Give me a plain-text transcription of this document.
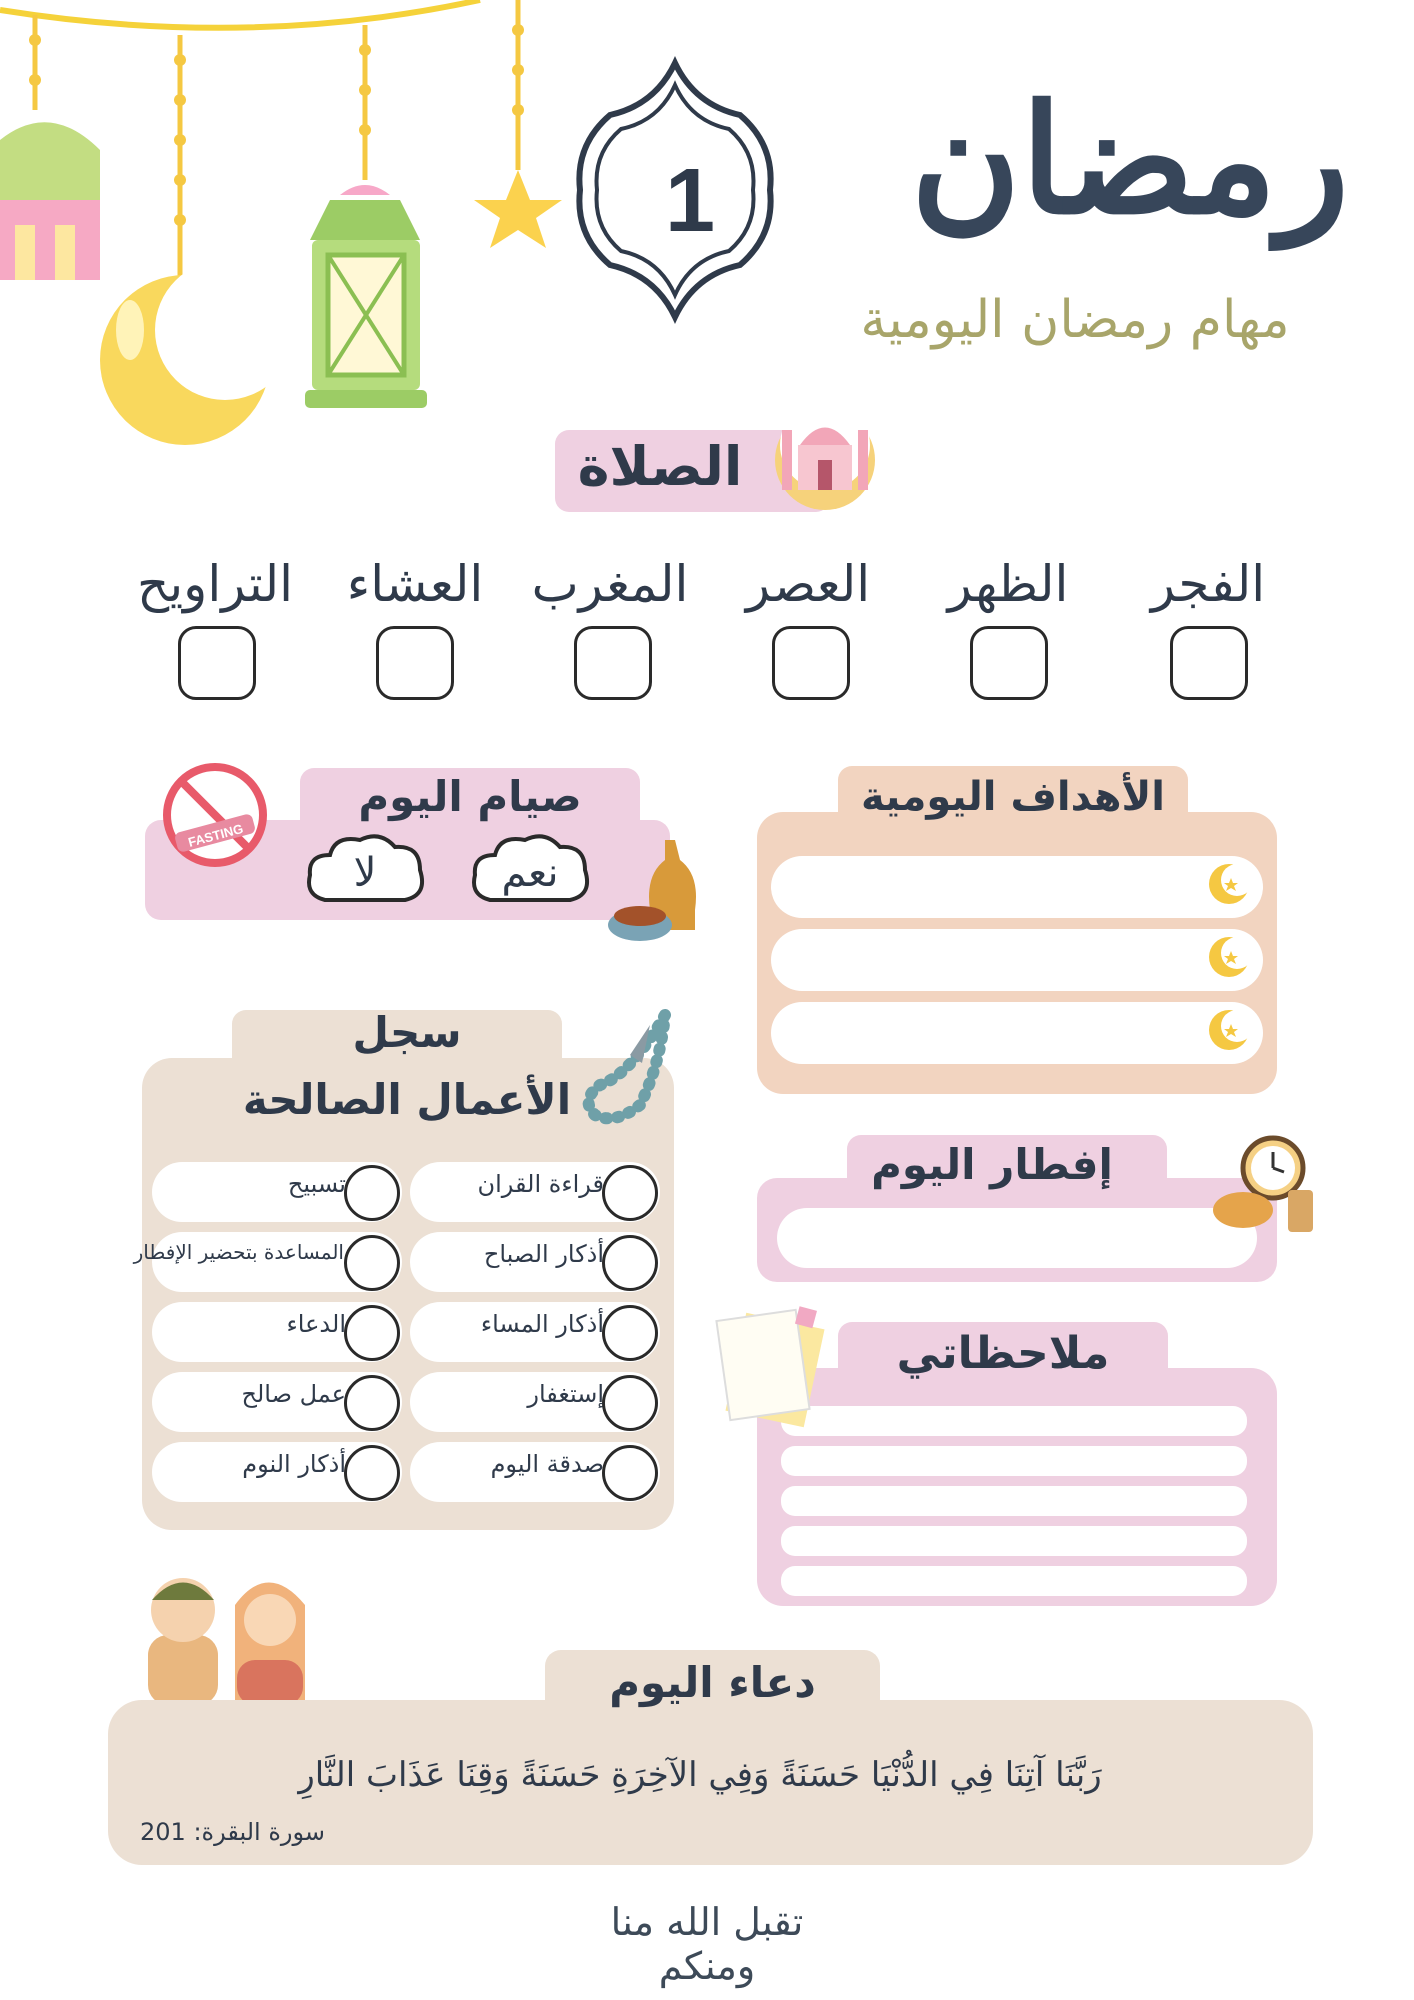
1 رمضان
مهام رمضان اليومية
الصلاة
الفجر
الظهر
العصر
المغرب
العشاء
التراويح
صيام اليوم
FASTING
لا	نعم
الأهداف اليومية
قراءة القران
أذكار الصباح
أذكار المساء
إستغفار
صدقة اليوم
تسبيح
المساعدة بتحضير الإفطار
الدعاء
عمل صالح
أذكار النوم
سجل
الأعمال الصالحة
إفطار اليوم
ملاحظاتي
دعاء اليوم
رَبَّنَا آتِنَا فِي الدُّنْيَا حَسَنَةً وَفِي الآخِرَةِ حَسَنَةً وَقِنَا عَذَابَ النَّارِ
سورة البقرة: 201
تقبل الله منا ومنكم
